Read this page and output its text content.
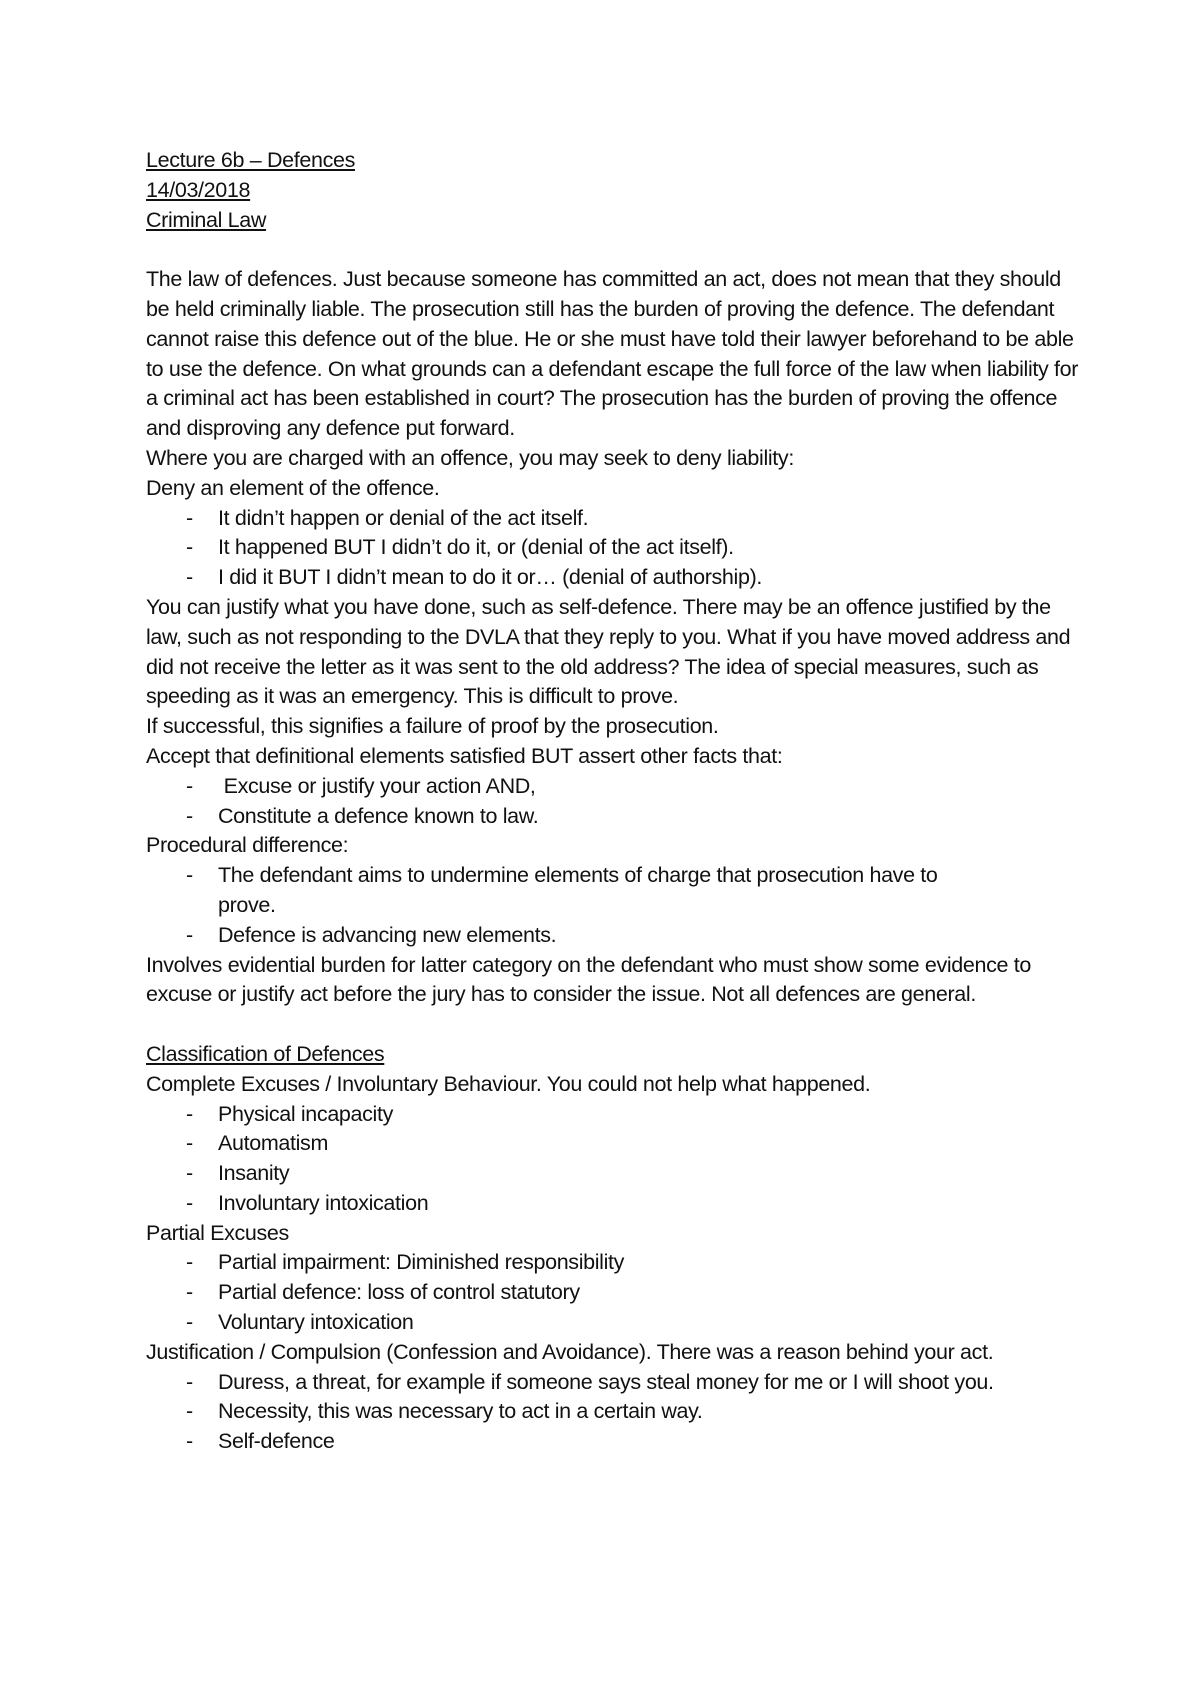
Lecture 6b – Defences

14/03/2018

Criminal Law

The law of defences. Just because someone has committed an act, does not mean that they should be held criminally liable. The prosecution still has the burden of proving the defence. The defendant cannot raise this defence out of the blue. He or she must have told their lawyer beforehand to be able to use the defence. On what grounds can a defendant escape the full force of the law when liability for a criminal act has been established in court? The prosecution has the burden of proving the offence and disproving any defence put forward.

Where you are charged with an offence, you may seek to deny liability:

Deny an element of the offence.

- It didn’t happen or denial of the act itself.
- It happened BUT I didn’t do it, or (denial of the act itself).
- I did it BUT I didn’t mean to do it or… (denial of authorship).

You can justify what you have done, such as self-defence. There may be an offence justified by the law, such as not responding to the DVLA that they reply to you. What if you have moved address and did not receive the letter as it was sent to the old address? The idea of special measures, such as speeding as it was an emergency. This is difficult to prove.

If successful, this signifies a failure of proof by the prosecution.

Accept that definitional elements satisfied BUT assert other facts that:

-  Excuse or justify your action AND,
- Constitute a defence known to law.

Procedural difference:

- The defendant aims to undermine elements of charge that prosecution have to prove.
- Defence is advancing new elements.

Involves evidential burden for latter category on the defendant who must show some evidence to excuse or justify act before the jury has to consider the issue. Not all defences are general.

Classification of Defences

Complete Excuses / Involuntary Behaviour. You could not help what happened.

- Physical incapacity
- Automatism
- Insanity
- Involuntary intoxication

Partial Excuses

- Partial impairment: Diminished responsibility
- Partial defence: loss of control statutory
- Voluntary intoxication

Justification / Compulsion (Confession and Avoidance). There was a reason behind your act.

- Duress, a threat, for example if someone says steal money for me or I will shoot you.
- Necessity, this was necessary to act in a certain way.
- Self-defence
